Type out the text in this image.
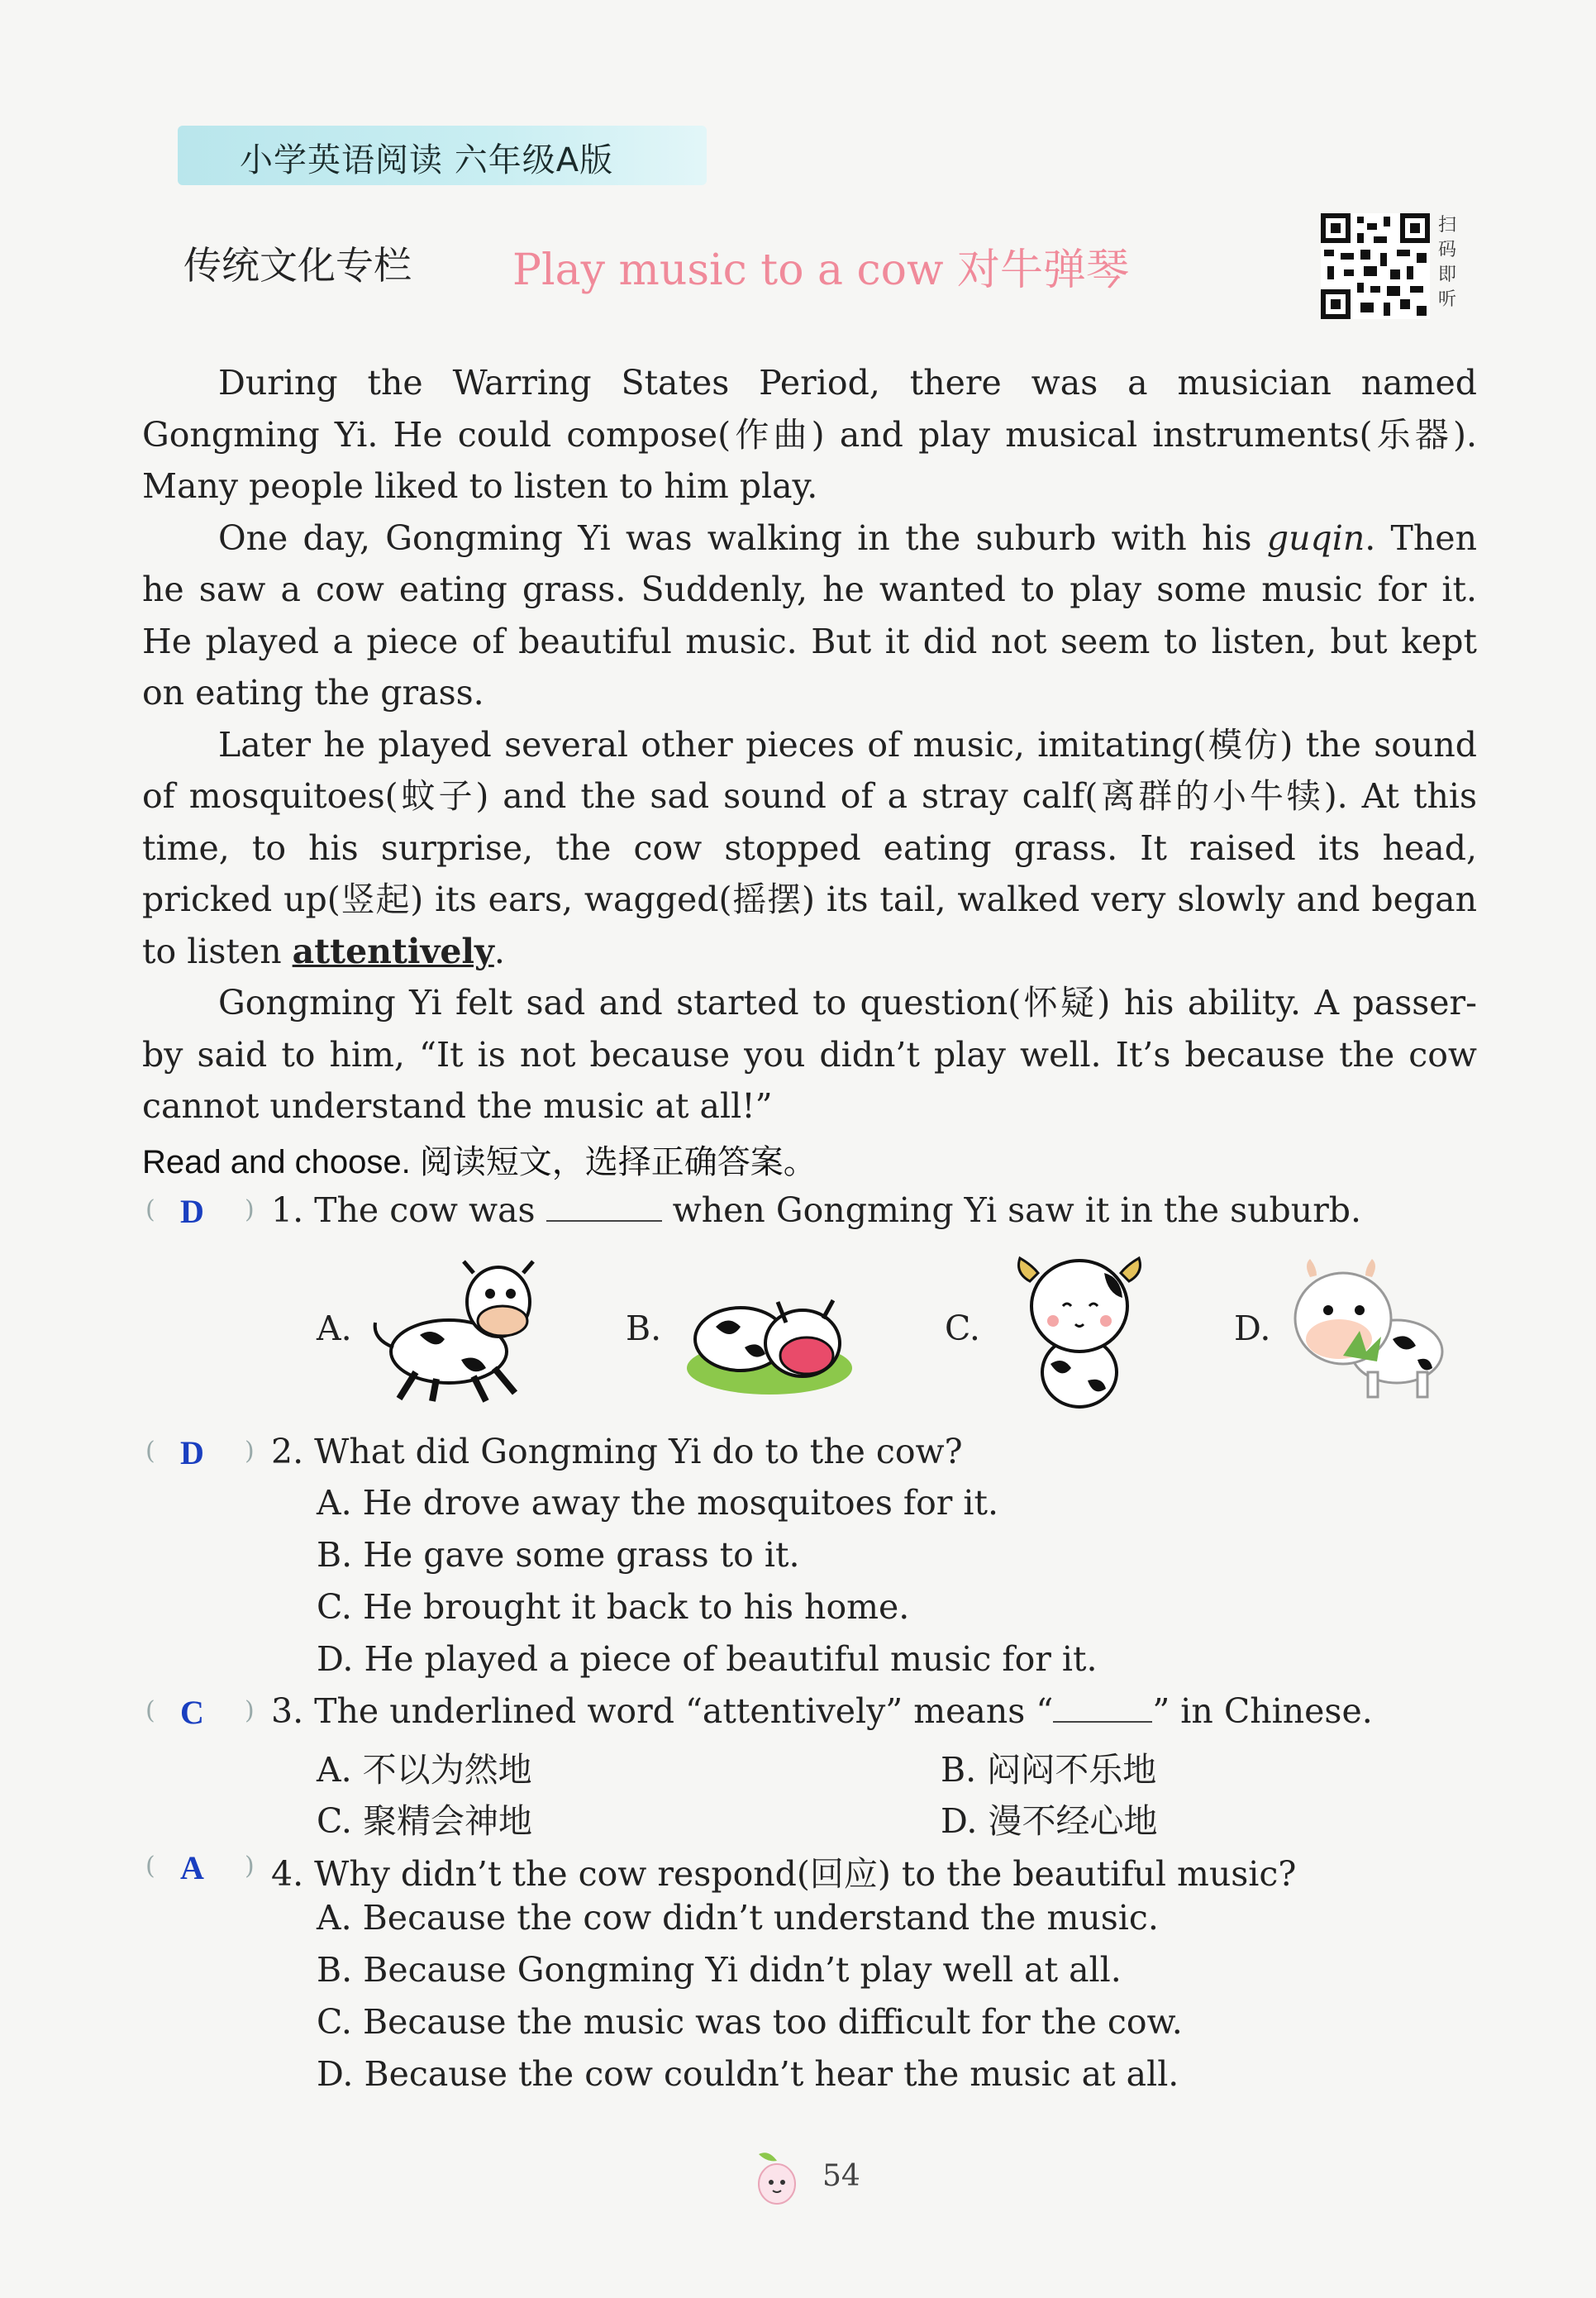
小学英语阅读 六年级A版
传统文化专栏 Play music to a cow 对牛弹琴
扫
码
即
听

During the Warring States Period, there was a musician named Gongming Yi. He could compose(作曲) and play musical instruments(乐器). Many people liked to listen to him play.

One day, Gongming Yi was walking in the suburb with his guqin. Then he saw a cow eating grass. Suddenly, he wanted to play some music for it. He played a piece of beautiful music. But it did not seem to listen, but kept on eating the grass.

Later he played several other pieces of music, imitating(模仿) the sound of mosquitoes(蚊子) and the sad sound of a stray calf(离群的小牛犊). At this time, to his surprise, the cow stopped eating grass. It raised its head, pricked up(竖起) its ears, wagged(摇摆) its tail, walked very slowly and began to listen attentively.

Gongming Yi felt sad and started to question(怀疑) his ability. A passer-by said to him, “It is not because you didn’t play well. It’s because the cow cannot understand the music at all!”

Read and choose. 阅读短文，选择正确答案。
( D ) 1. The cow was	when Gongming Yi saw it in the suburb.
A.	B.	C.	D.
( D ) 2. What did Gongming Yi do to the cow?
A. He drove away the mosquitoes for it.
B. He gave some grass to it.
C. He brought it back to his home.
D. He played a piece of beautiful music for it.
( C ) 3. The underlined word “attentively” means “	” in Chinese.
A. 不以为然地	B. 闷闷不乐地
C. 聚精会神地	D. 漫不经心地
( A ) 4. Why didn’t the cow respond(回应) to the beautiful music?
A. Because the cow didn’t understand the music.
B. Because Gongming Yi didn’t play well at all.
C. Because the music was too difficult for the cow.
D. Because the cow couldn’t hear the music at all.
54
